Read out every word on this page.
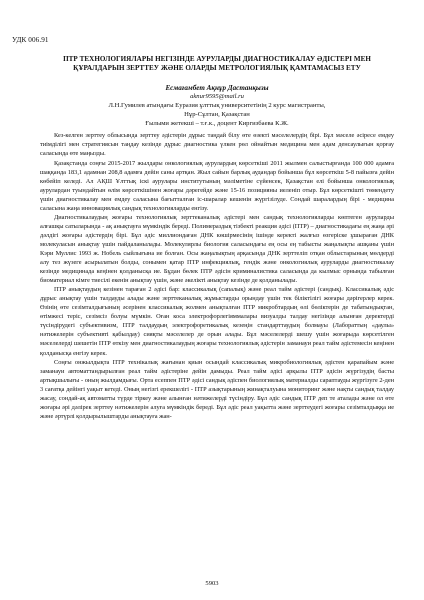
УДК 006.91
ПТР ТЕХНОЛОГИЯЛАРЫ НЕГІЗІНДЕ АУРУЛАРДЫ ДИАГНОСТИКАЛАУ ӘДІСТЕРІ МЕН ҚҰРАЛДАРЫН ЗЕРТТЕУ ЖӘНЕ ОЛАРДЫ МЕТРОЛОГИЯЛЫҚ ҚАМТАМАСЫЗ ЕТУ
Есмағамбет Ақнұр Дастанқызы
aknur9595@mail.ru
Л.Н.Гумилев атындағы Еуразия ұлттық университетінің 2 курс магистранты,
Нұр-Сұлтан, Қазақстан
Ғылыми жетекші – т.ғ.к., доцент Киргизбаева К.Ж.

Кез-келген зерттеу облысында зерттеу әдістерін дұрыс таңдай білу өте өзекті мәселелердің бірі. Бұл мәселе әсіресе емдеу тиімділігі мен стратегиясын таңдау кезінде дұрыс диагностика үлкен рөл ойнайтын медицина мен адам денсаулығын қорғау саласында өте маңызды.

Қазақстанда соңғы 2015-2017 жылдары онкологиялық аурулардың көрсеткіші 2011 жылмен салыстырғанда 100 000 адамға шаққанда 183,1 адамнан 208,8 адамға дейін саны артқан. Жыл сайын барлық аудандар бойынша бұл көрсеткіш 5-8 пайызға дейін көбейіп келеді. Ал АҚШ Ұлттық іскі аурулары институтының мәліметіне сүйенсек, Қазақстан елі бойынша онкологиялық аурулардан туындайтын өлім көрсеткішінен жоғары дәрегейде және 15-16 позицияны иеленіп отыр. Бұл көрсеткішті төмендету үшін диагностикалау мен емдеу саласына бағытталған іс-шаралар кешенін жүргізілуде. Сондай шаралардың бірі - медицина саласына жаңа инновациялық сандық технологияларды енгізу.

Диагностикалаудың жоғары технологиялық зерттеканалық әдістері мен сандық технологияларды көптеген ауруларды алғашқы сатыларында - ақ анықтауға мүмкіндік береді. Полимераздық тізбекті реакция әдісі (ПТР) – диагностикадағы ең жаңа әрі дәлдігі жоғары әдістердің бірі. Бұл әдіс миллиондаған ДНК көшірмесінің ішінде керекті жалғыз өзгеріске ұшыраған ДНК молекуласын анықтау үшін пайдаланылады. Молекулярлы биология саласындағы ең осы ең табысты жаңалықты ашқаны үшін Кэри Муллис 1993 ж. Нобель сыйлығына ие болған. Осы жаңалықтың арқасында ДНК зерттеліп отқан облыстарының мөлдерді алу тез жүзеге асырылатын болды, сонымен қатар ПТР инфекциялық, гендік және онкологиялық ауруларды диагностикалау кезінде медицинада кеңінен қолданысқа ие. Бұдан бөлек ПТР әдісін криминалистика саласында да кылмыс орнында табылған биоматериал кімге тиесілі екенін анықтау үшін, және әкелікті анықтау кезінде де қолданылады.

ПТР анықтаудың кезінен тараған 2 әдісі бар: классикалық (сапалық) және реал тайм әдістері (сандық). Классикалық әдіс дұрыс анықтау үшін талдауды алады және зерттеканалық жұмыстарды орындау үшін тек біліктілігі жоғары дәрігерлер керек. Өзінің өте сезімталдығының әсерінен классикалық жолмен анықталған ПТР микробтардың өлі бөліктерін де табатындықтан, өтімжесі теріс, сезімсіз болуы мүмкін. Оған коса электрофорлегіяммалары визуалды талдау негізінде алынған деректерді түсіндірудегі субъективизм, ПТР талдаудың электрофоретикалық кезеңін стандарттаудың болмауы (Лабораттың «даулы» нәтижелерін субъективті қабылдау) сияқты мәселелер де орын алады. Бұл мәселелерді шешу үшін жоғарыда көрсетілген мәселелерді шешетін ПТР өткізу мен диагностикалаудың жоғары технологиялық әдістерін заманауи реал тайм әдістемесін кеңінен қолданысқа енгізу керек.

Соңғы онжылдықта ПТР технікалық жағынан қиын осындай классикалық микробиологиялық әдістен қарапайым және заманауи автоматтандырылған реал тайм әдістеріне дейін дамыды. Реал тайм әдісі арқылы ПТР әдісін жүргізудің басты артықшылығы - оның жылдамдығы. Орта есеппен ПТР әдісі сандық әдіспен биологиялық материалды сараптауды жүргізуге 2-ден 3 сағатқа дейінгі уақыт кетеді. Оның негізгі ерекшелігі - ПТР азықтарының жинақталуына мониторинг және нақты сандық талдау жасау, сондай-ақ автоматты түрде тіркеу және алынған нәтижелерді түсіндіру. Бұл әдіс сандық ПТР деп те аталады және ол өте жоғары әрі дәлірек зерттеу нәтижелерін алуға мүмкіндік береді. Бұл әдіс реал уақытта және зерттеудегі жоғары сезімталдыққа ие және әртүрлі қолдырылыштарды анықтауға жан-

5903
